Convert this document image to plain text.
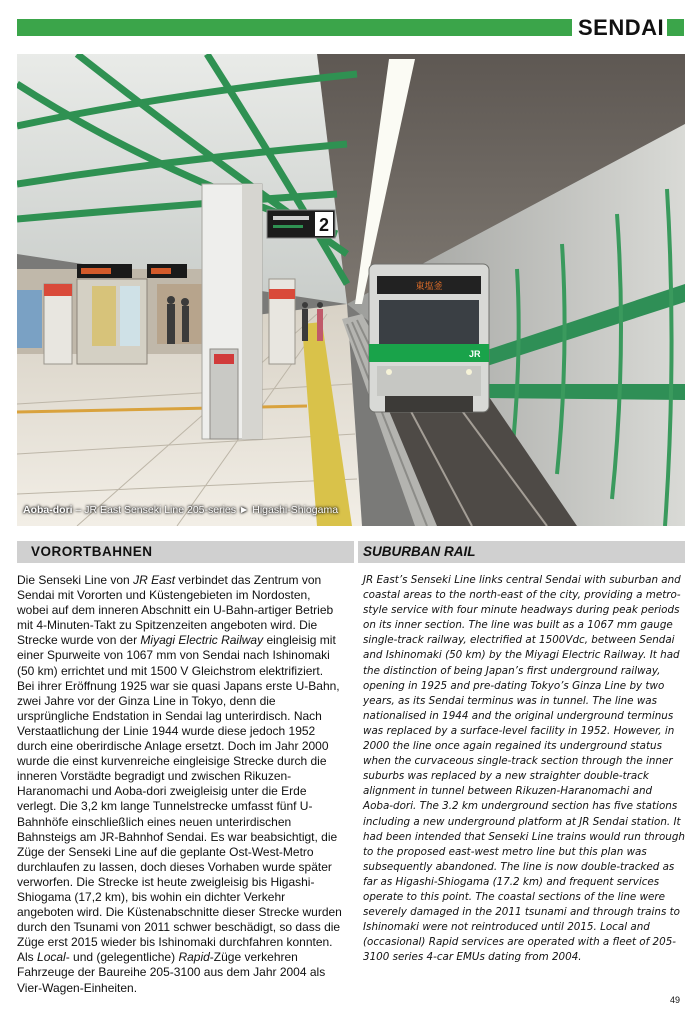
SENDAI
2
東塩釜
JR
Aoba-dori – JR East Senseki Line 205-series ► Higashi-Shiogama
VORORTBAHNEN	SUBURBAN RAIL
Die Senseki Line von JR East verbindet das Zentrum von Sendai mit Vororten und Küstengebieten im Nordosten, wobei auf dem inneren Abschnitt ein U-Bahn-artiger Betrieb mit 4-Minuten-Takt zu Spitzenzeiten angeboten wird. Die Strecke wurde von der Miyagi Electric Railway eingleisig mit einer Spurweite von 1067 mm von Sendai nach Ishinomaki (50 km) errichtet und mit 1500 V Gleichstrom elektrifiziert. Bei ihrer Eröffnung 1925 war sie quasi Japans erste U-Bahn, zwei Jahre vor der Ginza Line in Tokyo, denn die ursprüngliche Endstation in Sendai lag unterirdisch. Nach Verstaatlichung der Linie 1944 wurde diese jedoch 1952 durch eine oberirdische Anlage ersetzt. Doch im Jahr 2000 wurde die einst kurvenreiche eingleisige Strecke durch die inneren Vorstädte begradigt und zwischen Rikuzen-Haranomachi und Aoba-dori zweigleisig unter die Erde verlegt. Die 3,2 km lange Tunnelstrecke umfasst fünf U-Bahnhöfe einschließlich eines neuen unterirdischen Bahnsteigs am JR-Bahnhof Sendai. Es war beabsichtigt, die Züge der Senseki Line auf die geplante Ost-West-Metro durchlaufen zu lassen, doch dieses Vorhaben wurde später verworfen. Die Strecke ist heute zweigleisig bis Higashi-Shiogama (17,2 km), bis wohin ein dichter Verkehr angeboten wird. Die Küstenabschnitte dieser Strecke wurden durch den Tsunami von 2011 schwer beschädigt, so dass die Züge erst 2015 wieder bis Ishinomaki durchfahren konnten. Als Local- und (gelegentliche) Rapid-Züge verkehren Fahrzeuge der Baureihe 205-3100 aus dem Jahr 2004 als Vier-Wagen-Einheiten.
JR East’s Senseki Line links central Sendai with suburban and coastal areas to the north-east of the city, providing a metro-style service with four minute headways during peak periods on its inner section. The line was built as a 1067 mm gauge single-track railway, electrified at 1500Vdc, between Sendai and Ishinomaki (50 km) by the Miyagi Electric Railway. It had the distinction of being Japan’s first underground railway, opening in 1925 and pre-dating Tokyo’s Ginza Line by two years, as its Sendai terminus was in tunnel. The line was nationalised in 1944 and the original underground terminus was replaced by a surface-level facility in 1952. However, in 2000 the line once again regained its underground status when the curvaceous single-track section through the inner suburbs was replaced by a new straighter double-track alignment in tunnel between Rikuzen-Haranomachi and Aoba-dori. The 3.2 km underground section has five stations including a new underground platform at JR Sendai station. It had been intended that Senseki Line trains would run through to the proposed east-west metro line but this plan was subsequently abandoned. The line is now double-tracked as far as Higashi-Shiogama (17.2 km) and frequent services operate to this point. The coastal sections of the line were severely damaged in the 2011 tsunami and through trains to Ishinomaki were not reintroduced until 2015. Local and (occasional) Rapid services are operated with a fleet of 205-3100 series 4-car EMUs dating from 2004.
49
